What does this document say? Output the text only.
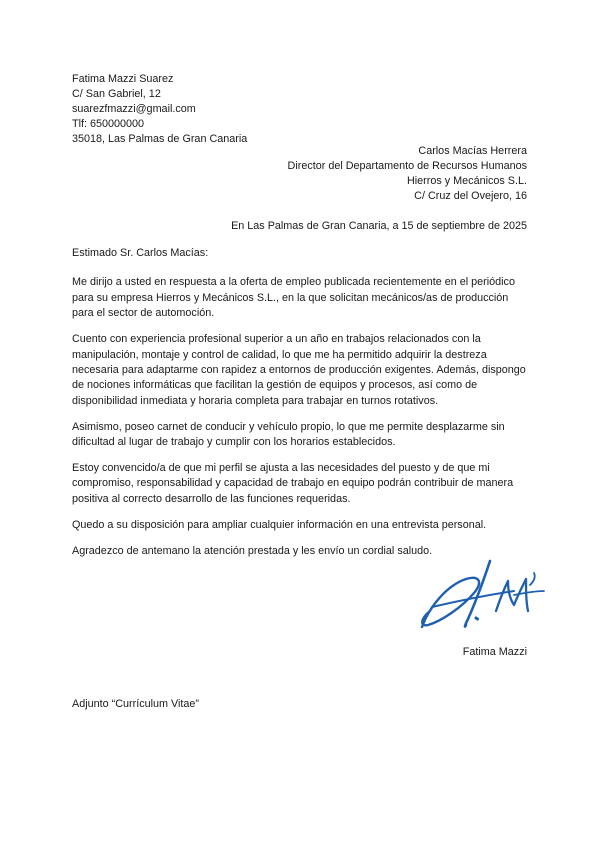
Fatima Mazzi Suarez
C/ San Gabriel, 12
suarezfmazzi@gmail.com
Tlf: 650000000
35018, Las Palmas de Gran Canaria
Carlos Macías Herrera
Director del Departamento de Recursos Humanos
Hierros y Mecánicos S.L.
C/ Cruz del Ovejero, 16
En Las Palmas de Gran Canaria, a 15 de septiembre de 2025

Estimado Sr. Carlos Macías:

Me dirijo a usted en respuesta a la oferta de empleo publicada recientemente en el periódico para su empresa Hierros y Mecánicos S.L., en la que solicitan mecánicos/as de producción para el sector de automoción.

Cuento con experiencia profesional superior a un año en trabajos relacionados con la manipulación, montaje y control de calidad, lo que me ha permitido adquirir la destreza necesaria para adaptarme con rapidez a entornos de producción exigentes. Además, dispongo de nociones informáticas que facilitan la gestión de equipos y procesos, así como de disponibilidad inmediata y horaria completa para trabajar en turnos rotativos.

Asimismo, poseo carnet de conducir y vehículo propio, lo que me permite desplazarme sin dificultad al lugar de trabajo y cumplir con los horarios establecidos.

Estoy convencido/a de que mi perfil se ajusta a las necesidades del puesto y de que mi compromiso, responsabilidad y capacidad de trabajo en equipo podrán contribuir de manera positiva al correcto desarrollo de las funciones requeridas.

Quedo a su disposición para ampliar cualquier información en una entrevista personal.

Agradezco de antemano la atención prestada y les envío un cordial saludo.

Fatima Mazzi
Adjunto “Currículum Vitae”
